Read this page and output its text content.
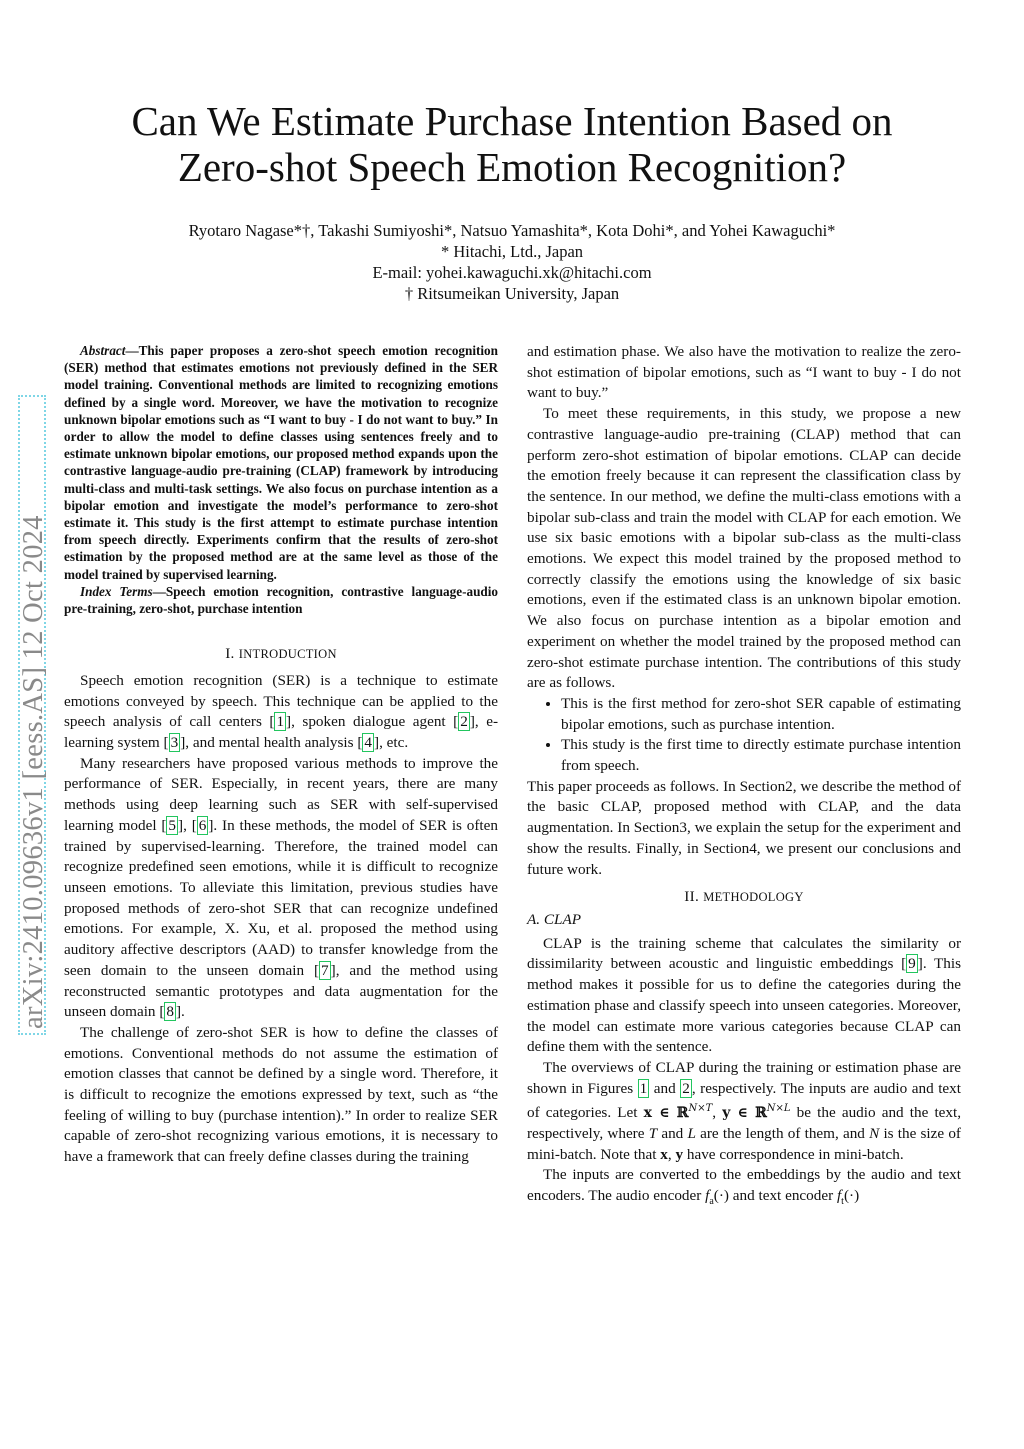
Can We Estimate Purchase Intention Based on
Zero-shot Speech Emotion Recognition?
Ryotaro Nagase*†, Takashi Sumiyoshi*, Natsuo Yamashita*, Kota Dohi*, and Yohei Kawaguchi*
* Hitachi, Ltd., Japan
E-mail: yohei.kawaguchi.xk@hitachi.com
† Ritsumeikan University, Japan
arXiv:2410.09636v1 [eess.AS] 12 Oct 2024

Abstract—This paper proposes a zero-shot speech emotion recognition (SER) method that estimates emotions not previously defined in the SER model training. Conventional methods are limited to recognizing emotions defined by a single word. Moreover, we have the motivation to recognize unknown bipolar emotions such as “I want to buy - I do not want to buy.” In order to allow the model to define classes using sentences freely and to estimate unknown bipolar emotions, our proposed method expands upon the contrastive language-audio pre-training (CLAP) framework by introducing multi-class and multi-task settings. We also focus on purchase intention as a bipolar emotion and investigate the model’s performance to zero-shot estimate it. This study is the first attempt to estimate purchase intention from speech directly. Experiments confirm that the results of zero-shot estimation by the proposed method are at the same level as those of the model trained by supervised learning.

Index Terms—Speech emotion recognition, contrastive language-audio pre-training, zero-shot, purchase intention

I. INTRODUCTION

Speech emotion recognition (SER) is a technique to estimate emotions conveyed by speech. This technique can be applied to the speech analysis of call centers [ 1 ], spoken dialogue agent [ 2 ], e-learning system [ 3 ], and mental health analysis [ 4 ], etc.

Many researchers have proposed various methods to improve the performance of SER. Especially, in recent years, there are many methods using deep learning such as SER with self-supervised learning model [ 5 ], [ 6 ]. In these methods, the model of SER is often trained by supervised-learning. Therefore, the trained model can recognize predefined seen emotions, while it is difficult to recognize unseen emotions. To alleviate this limitation, previous studies have proposed methods of zero-shot SER that can recognize undefined emotions. For example, X. Xu, et al. proposed the method using auditory affective descriptors (AAD) to transfer knowledge from the seen domain to the unseen domain [ 7 ], and the method using reconstructed semantic prototypes and data augmentation for the unseen domain [ 8 ].

The challenge of zero-shot SER is how to define the classes of emotions. Conventional methods do not assume the estimation of emotion classes that cannot be defined by a single word. Therefore, it is difficult to recognize the emotions expressed by text, such as “the feeling of willing to buy (purchase intention).” In order to realize SER capable of zero-shot recognizing various emotions, it is necessary to have a framework that can freely define classes during the training

and estimation phase. We also have the motivation to realize the zero-shot estimation of bipolar emotions, such as “I want to buy - I do not want to buy.”

To meet these requirements, in this study, we propose a new contrastive language-audio pre-training (CLAP) method that can perform zero-shot estimation of bipolar emotions. CLAP can decide the emotion freely because it can represent the classification class by the sentence. In our method, we define the multi-class emotions with a bipolar sub-class and train the model with CLAP for each emotion. We use six basic emotions with a bipolar sub-class as the multi-class emotions. We expect this model trained by the proposed method to correctly classify the emotions using the knowledge of six basic emotions, even if the estimated class is an unknown bipolar emotion. We also focus on purchase intention as a bipolar emotion and experiment on whether the model trained by the proposed method can zero-shot estimate purchase intention. The contributions of this study are as follows.

• This is the first method for zero-shot SER capable of estimating bipolar emotions, such as purchase intention.
• This study is the first time to directly estimate purchase intention from speech.

This paper proceeds as follows. In Section2, we describe the method of the basic CLAP, proposed method with CLAP, and the data augmentation. In Section3, we explain the setup for the experiment and show the results. Finally, in Section4, we present our conclusions and future work.

II. METHODOLOGY

A. CLAP

CLAP is the training scheme that calculates the similarity or dissimilarity between acoustic and linguistic embeddings [ 9 ]. This method makes it possible for us to define the categories during the estimation phase and classify speech into unseen categories. Moreover, the model can estimate more various categories because CLAP can define them with the sentence.

The overviews of CLAP during the training or estimation phase are shown in Figures 1 and 2 , respectively. The inputs are audio and text of categories. Let x ∈ ℝ$^{N\times T}$, y ∈ ℝ$^{N\times L}$ be the audio and the text, respectively, where T and L are the length of them, and N is the size of mini-batch. Note that x, y have correspondence in mini-batch.

The inputs are converted to the embeddings by the audio and text encoders. The audio encoder $f_a(\cdot)$ and text encoder $f_t(\cdot)$
